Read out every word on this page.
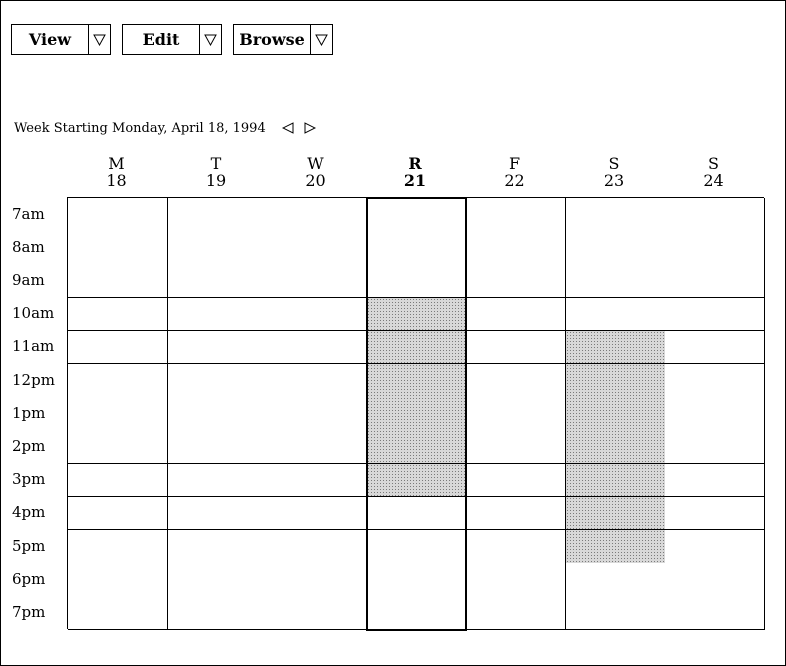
View	Edit	Browse
Week Starting Monday, April 18, 1994
M
18
T
19
W
20
R
21
F
22
S
23
S
24
7am
8am
9am
10am
11am
12pm
1pm
2pm
3pm
4pm
5pm
6pm
7pm
